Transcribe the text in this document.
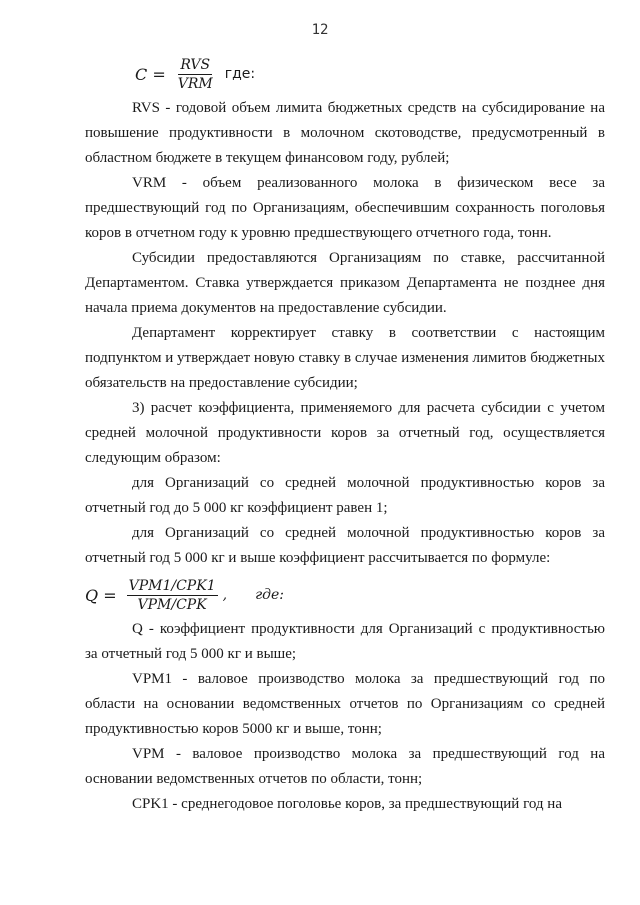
12
$C = \frac{\text{RVS}}{\text{VRM}}$ где:

RVS - годовой объем лимита бюджетных средств на субсидирование на повышение продуктивности в молочном скотоводстве, предусмотренный в областном бюджете в текущем финансовом году, рублей;

VRM - объем реализованного молока в физическом весе за предшествующий год по Организациям, обеспечившим сохранность поголовья коров в отчетном году к уровню предшествующего отчетного года, тонн.

Субсидии предоставляются Организациям по ставке, рассчитанной Департаментом. Ставка утверждается приказом Департамента не позднее дня начала приема документов на предоставление субсидии.

Департамент корректирует ставку в соответствии с настоящим подпунктом и утверждает новую ставку в случае изменения лимитов бюджетных обязательств на предоставление субсидии;

3) расчет коэффициента, применяемого для расчета субсидии с учетом средней молочной продуктивности коров за отчетный год, осуществляется следующим образом:

для Организаций со средней молочной продуктивностью коров за отчетный год до 5 000 кг коэффициент равен 1;

для Организаций со средней молочной продуктивностью коров за отчетный год 5 000 кг и выше коэффициент рассчитывается по формуле:

$Q = \frac{\text{VPM1/CPK1}}{\text{VPM/CPK}}$ , где:

Q - коэффициент продуктивности для Организаций с продуктивностью за отчетный год 5 000 кг и выше;

VPM1 - валовое производство молока за предшествующий год по области на основании ведомственных отчетов по Организациям со средней продуктивностью коров 5000 кг и выше, тонн;

VPM - валовое производство молока за предшествующий год на основании ведомственных отчетов по области, тонн;

CPK1 - среднегодовое поголовье коров, за предшествующий год на
